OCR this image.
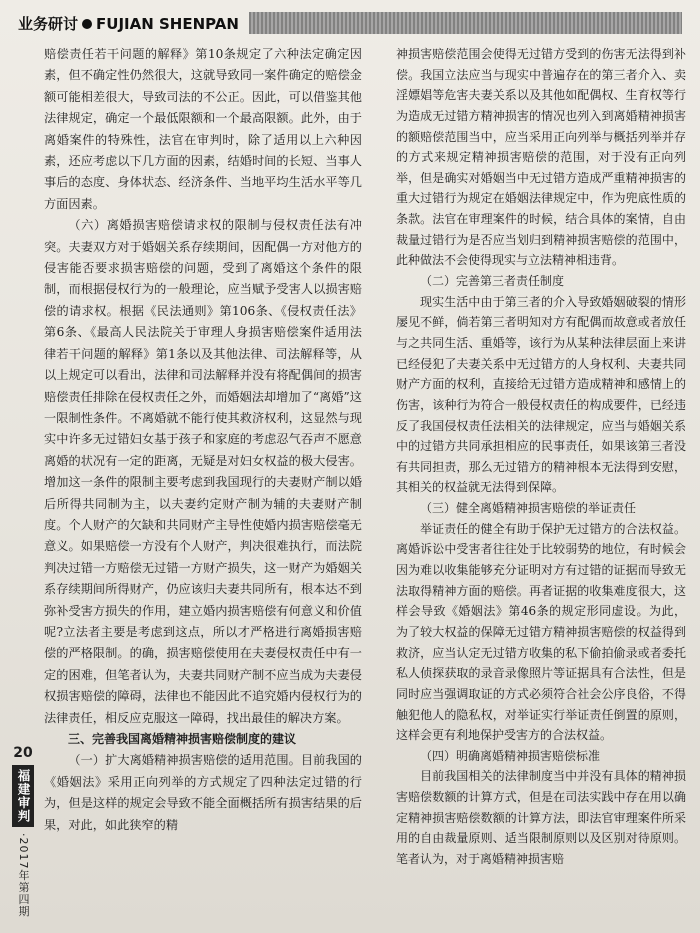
业务研讨 FUJIAN SHENPAN

赔偿责任若干问题的解释》第10条规定了六种法定确定因素，但不确定性仍然很大，这就导致同一案件确定的赔偿金额可能相差很大，导致司法的不公正。因此，可以借鉴其他法律规定，确定一个最低限额和一个最高限额。此外，由于离婚案件的特殊性，法官在审判时，除了适用以上六种因素，还应考虑以下几方面的因素，结婚时间的长短、当事人事后的态度、身体状态、经济条件、当地平均生活水平等几方面因素。

（六）离婚损害赔偿请求权的限制与侵权责任法有冲突。夫妻双方对于婚姻关系存续期间，因配偶一方对他方的侵害能否要求损害赔偿的问题，受到了离婚这个条件的限制，而根据侵权行为的一般理论，应当赋予受害人以损害赔偿的请求权。根据《民法通则》第106条、《侵权责任法》第6条、《最高人民法院关于审理人身损害赔偿案件适用法律若干问题的解释》第1条以及其他法律、司法解释等，从以上规定可以看出，法律和司法解释并没有将配偶间的损害赔偿责任排除在侵权责任之外，而婚姻法却增加了“离婚”这一限制性条件。不离婚就不能行使其救济权利，这显然与现实中许多无过错妇女基于孩子和家庭的考虑忍气吞声不愿意离婚的状况有一定的距离，无疑是对妇女权益的极大侵害。增加这一条件的限制主要考虑到我国现行的夫妻财产制以婚后所得共同制为主，以夫妻约定财产制为辅的夫妻财产制度。个人财产的欠缺和共同财产主导性使婚内损害赔偿毫无意义。如果赔偿一方没有个人财产，判决很难执行，而法院判决过错一方赔偿无过错一方财产损失，这一财产为婚姻关系存续期间所得财产，仍应该归夫妻共同所有，根本达不到弥补受害方损失的作用，建立婚内损害赔偿有何意义和价值呢?立法者主要是考虑到这点，所以才严格进行离婚损害赔偿的严格限制。的确，损害赔偿使用在夫妻侵权责任中有一定的困难，但笔者认为，夫妻共同财产制不应当成为夫妻侵权损害赔偿的障碍，法律也不能因此不追究婚内侵权行为的法律责任，相反应克服这一障碍，找出最佳的解决方案。

三、完善我国离婚精神损害赔偿制度的建议

（一）扩大离婚精神损害赔偿的适用范围。目前我国的《婚姻法》采用正向列举的方式规定了四种法定过错的行为，但是这样的规定会导致不能全面概括所有损害结果的后果，对此，如此狭窄的精

神损害赔偿范围会使得无过错方受到的伤害无法得到补偿。我国立法应当与现实中普遍存在的第三者介入、卖淫嫖娼等危害夫妻关系以及其他如配偶权、生育权等行为造成无过错方精神损害的情况也列入到离婚精神损害的额赔偿范围当中，应当采用正向列举与概括列举并存的方式来规定精神损害赔偿的范围，对于没有正向列举，但是确实对婚姻当中无过错方造成严重精神损害的重大过错行为规定在婚姻法律规定中，作为兜底性质的条款。法官在审理案件的时候，结合具体的案情，自由裁量过错行为是否应当划归到精神损害赔偿的范围中，此种做法不会使得现实与立法精神相违背。

（二）完善第三者责任制度

现实生活中由于第三者的介入导致婚姻破裂的情形屡见不鲜，倘若第三者明知对方有配偶而故意或者放任与之共同生活、重婚等，该行为从某种法律层面上来讲已经侵犯了夫妻关系中无过错方的人身权利、夫妻共同财产方面的权利，直接给无过错方造成精神和感情上的伤害，该种行为符合一般侵权责任的构成要件，已经违反了我国侵权责任法相关的法律规定，应当与婚姻关系中的过错方共同承担相应的民事责任，如果该第三者没有共同担责，那么无过错方的精神根本无法得到安慰，其相关的权益就无法得到保障。

（三）健全离婚精神损害赔偿的举证责任

举证责任的健全有助于保护无过错方的合法权益。离婚诉讼中受害者往往处于比较弱势的地位，有时候会因为难以收集能够充分证明对方有过错的证据而导致无法取得精神方面的赔偿。再者证据的收集难度很大，这样会导致《婚姻法》第46条的规定形同虚设。为此，为了较大权益的保障无过错方精神损害赔偿的权益得到救济，应当认定无过错方收集的私下偷拍偷录或者委托私人侦探获取的录音录像照片等证据具有合法性，但是同时应当强调取证的方式必须符合社会公序良俗，不得触犯他人的隐私权，对举证实行举证责任倒置的原则，这样会更有利地保护受害方的合法权益。

（四）明确离婚精神损害赔偿标准

目前我国相关的法律制度当中并没有具体的精神损害赔偿数额的计算方式，但是在司法实践中存在用以确定精神损害赔偿数额的计算方法，即法官审理案件所采用的自由裁量原则、适当限制原则以及区别对待原则。笔者认为，对于离婚精神损害赔

20
福建审判
·2017年第四期
